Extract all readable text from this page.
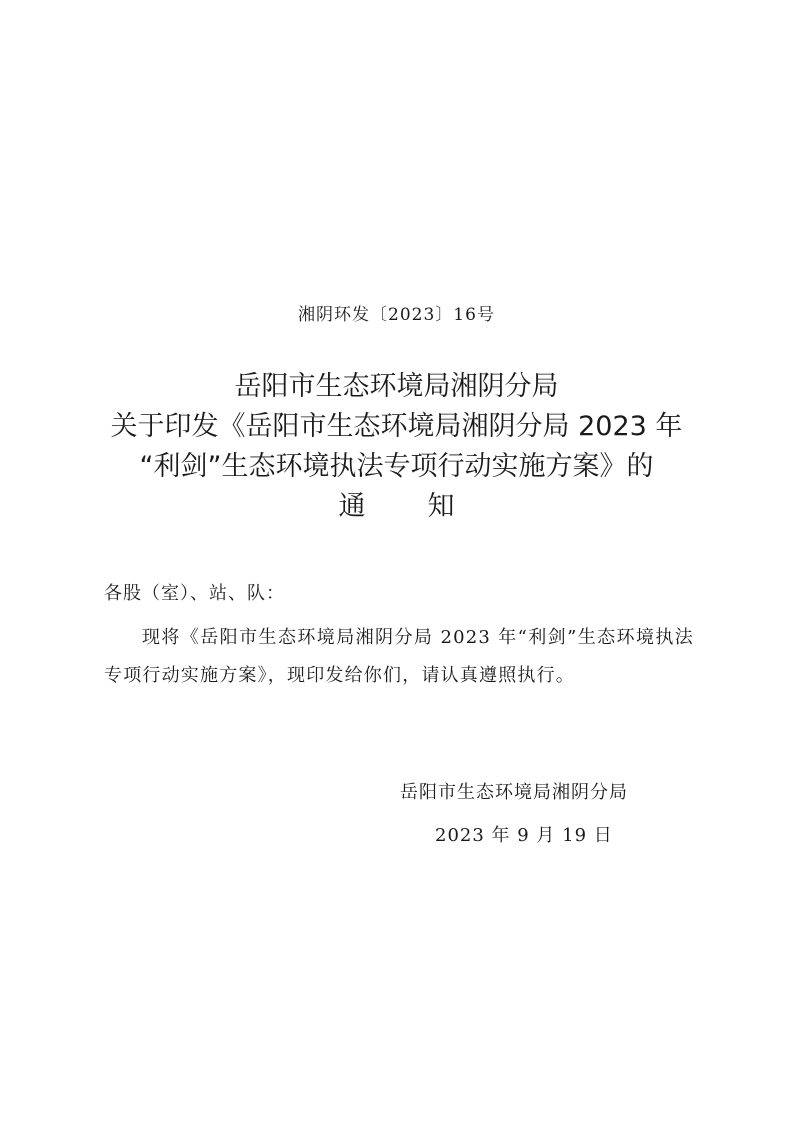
湘阴环发〔2023〕16号
岳阳市生态环境局湘阴分局
关于印发《岳阳市生态环境局湘阴分局 2023 年
“利剑”生态环境执法专项行动实施方案》的
通 知
各股（室）、站、队：
现将《岳阳市生态环境局湘阴分局 2023 年“利剑”生态环境执法专项行动实施方案》，现印发给你们，请认真遵照执行。
岳阳市生态环境局湘阴分局
2023 年 9 月 19 日
